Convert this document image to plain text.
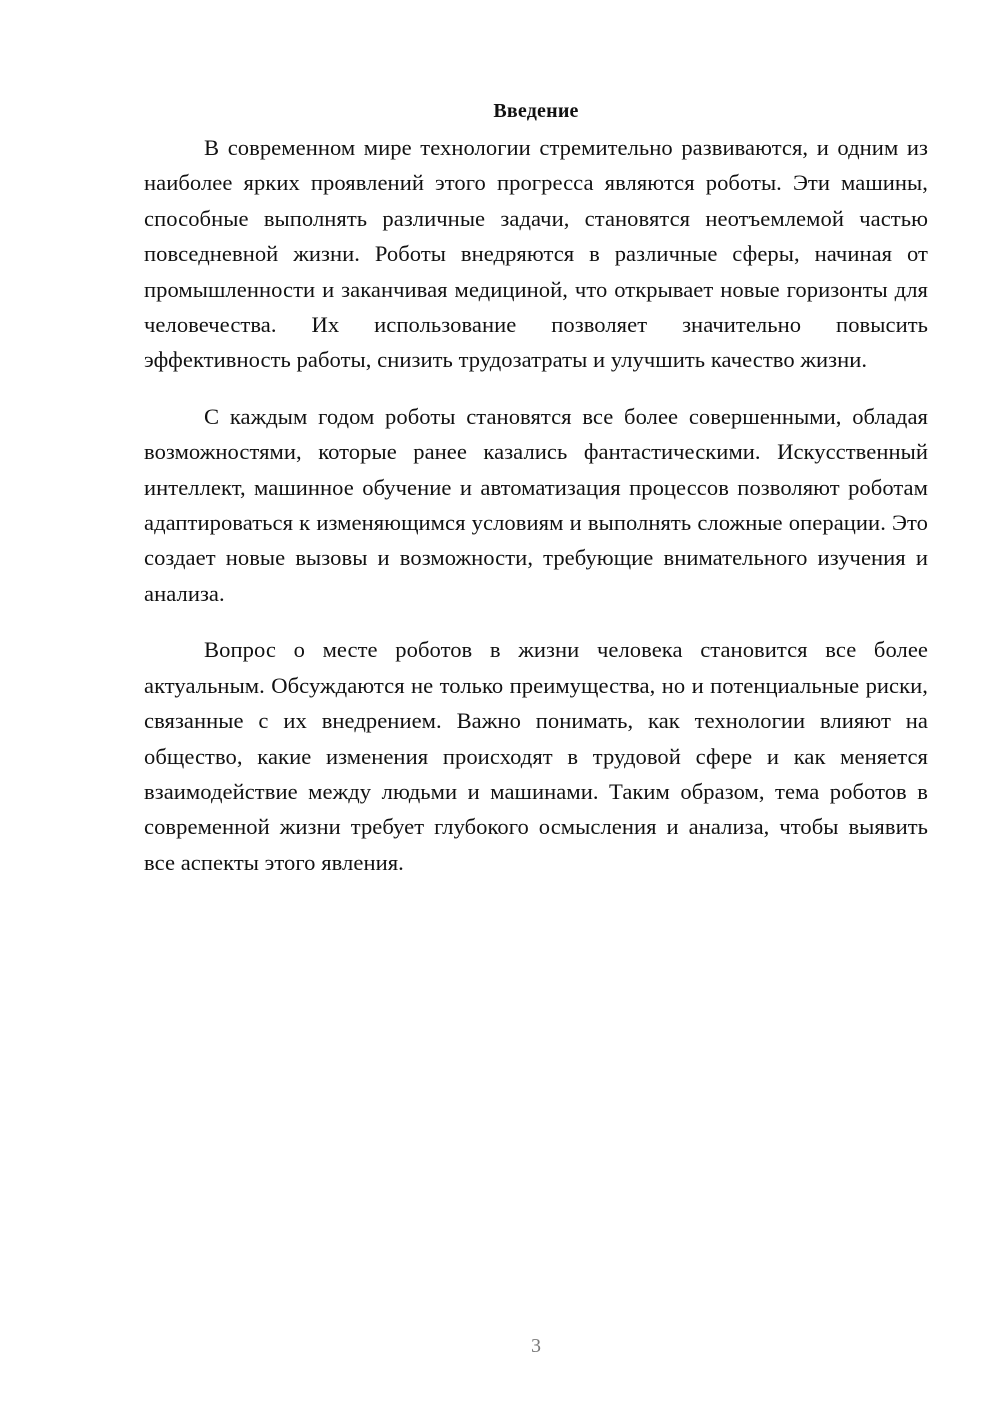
Введение

В современном мире технологии стремительно развиваются, и одним из наиболее ярких проявлений этого прогресса являются роботы. Эти машины, способные выполнять различные задачи, становятся неотъемлемой частью повседневной жизни. Роботы внедряются в различные сферы, начиная от промышленности и заканчивая медициной, что открывает новые горизонты для человечества. Их использование позволяет значительно повысить эффективность работы, снизить трудозатраты и улучшить качество жизни.

С каждым годом роботы становятся все более совершенными, обладая возможностями, которые ранее казались фантастическими. Искусственный интеллект, машинное обучение и автоматизация процессов позволяют роботам адаптироваться к изменяющимся условиям и выполнять сложные операции. Это создает новые вызовы и возможности, требующие внимательного изучения и анализа.

Вопрос о месте роботов в жизни человека становится все более актуальным. Обсуждаются не только преимущества, но и потенциальные риски, связанные с их внедрением. Важно понимать, как технологии влияют на общество, какие изменения происходят в трудовой сфере и как меняется взаимодействие между людьми и машинами. Таким образом, тема роботов в современной жизни требует глубокого осмысления и анализа, чтобы выявить все аспекты этого явления.

3
